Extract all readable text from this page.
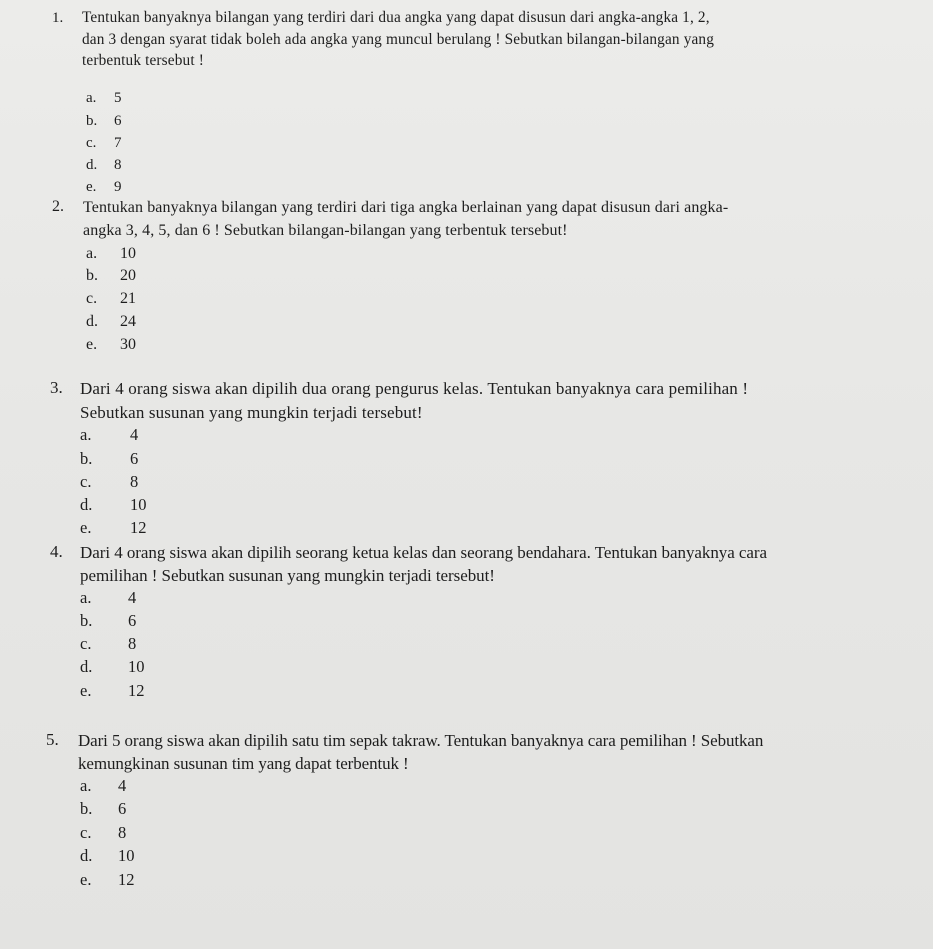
1. Tentukan banyaknya bilangan yang terdiri dari dua angka yang dapat disusun dari angka-angka 1, 2,
dan 3 dengan syarat tidak boleh ada angka yang muncul berulang ! Sebutkan bilangan-bilangan yang
terbentuk tersebut !
a. 5
b. 6
c. 7
d. 8
e. 9
2. Tentukan banyaknya bilangan yang terdiri dari tiga angka berlainan yang dapat disusun dari angka-
angka 3, 4, 5, dan 6 ! Sebutkan bilangan-bilangan yang terbentuk tersebut!
a. 10
b. 20
c. 21
d. 24
e. 30
3. Dari 4 orang siswa akan dipilih dua orang pengurus kelas. Tentukan banyaknya cara pemilihan !
Sebutkan susunan yang mungkin terjadi tersebut!
a. 4
b. 6
c. 8
d. 10
e. 12
4. Dari 4 orang siswa akan dipilih seorang ketua kelas dan seorang bendahara. Tentukan banyaknya cara
pemilihan ! Sebutkan susunan yang mungkin terjadi tersebut!
a. 4
b. 6
c. 8
d. 10
e. 12
5. Dari 5 orang siswa akan dipilih satu tim sepak takraw. Tentukan banyaknya cara pemilihan ! Sebutkan
kemungkinan susunan tim yang dapat terbentuk !
a. 4
b. 6
c. 8
d. 10
e. 12
